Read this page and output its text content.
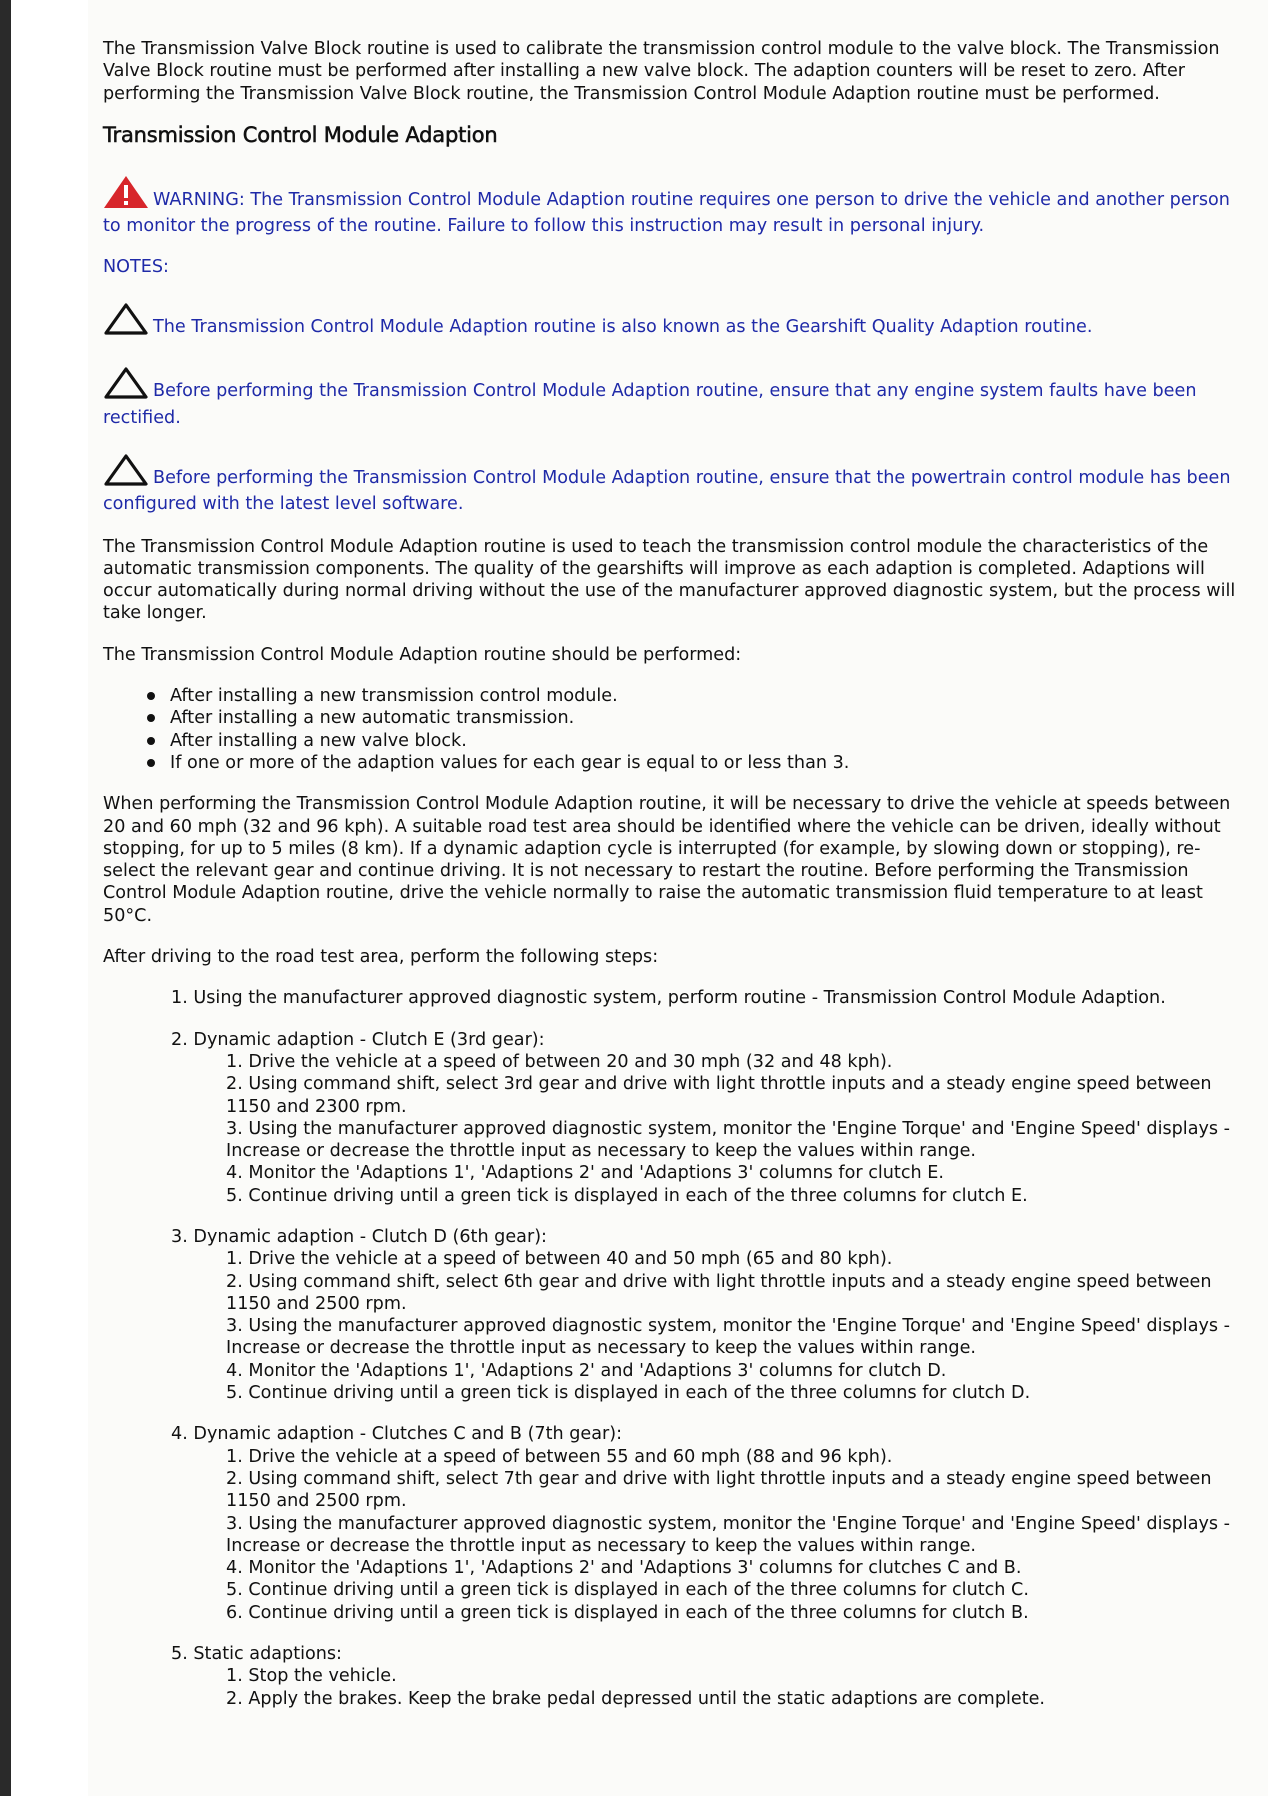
The Transmission Valve Block routine is used to calibrate the transmission control module to the valve block. The Transmission Valve Block routine must be performed after installing a new valve block. The adaption counters will be reset to zero. After performing the Transmission Valve Block routine, the Transmission Control Module Adaption routine must be performed.

Transmission Control Module Adaption

WARNING: The Transmission Control Module Adaption routine requires one person to drive the vehicle and another person to monitor the progress of the routine. Failure to follow this instruction may result in personal injury.

NOTES:

The Transmission Control Module Adaption routine is also known as the Gearshift Quality Adaption routine.

Before performing the Transmission Control Module Adaption routine, ensure that any engine system faults have been rectified.

Before performing the Transmission Control Module Adaption routine, ensure that the powertrain control module has been configured with the latest level software.

The Transmission Control Module Adaption routine is used to teach the transmission control module the characteristics of the automatic transmission components. The quality of the gearshifts will improve as each adaption is completed. Adaptions will occur automatically during normal driving without the use of the manufacturer approved diagnostic system, but the process will take longer.

The Transmission Control Module Adaption routine should be performed:

After installing a new transmission control module.
After installing a new automatic transmission.
After installing a new valve block.
If one or more of the adaption values for each gear is equal to or less than 3.

When performing the Transmission Control Module Adaption routine, it will be necessary to drive the vehicle at speeds between 20 and 60 mph (32 and 96 kph). A suitable road test area should be identified where the vehicle can be driven, ideally without stopping, for up to 5 miles (8 km). If a dynamic adaption cycle is interrupted (for example, by slowing down or stopping), re-select the relevant gear and continue driving. It is not necessary to restart the routine. Before performing the Transmission Control Module Adaption routine, drive the vehicle normally to raise the automatic transmission fluid temperature to at least 50°C.

After driving to the road test area, perform the following steps:

1. Using the manufacturer approved diagnostic system, perform routine - Transmission Control Module Adaption.
2. Dynamic adaption - Clutch E (3rd gear):
1. Drive the vehicle at a speed of between 20 and 30 mph (32 and 48 kph).
2. Using command shift, select 3rd gear and drive with light throttle inputs and a steady engine speed between 1150 and 2300 rpm.
3. Using the manufacturer approved diagnostic system, monitor the 'Engine Torque' and 'Engine Speed' displays - Increase or decrease the throttle input as necessary to keep the values within range.
4. Monitor the 'Adaptions 1', 'Adaptions 2' and 'Adaptions 3' columns for clutch E.
5. Continue driving until a green tick is displayed in each of the three columns for clutch E.
3. Dynamic adaption - Clutch D (6th gear):
1. Drive the vehicle at a speed of between 40 and 50 mph (65 and 80 kph).
2. Using command shift, select 6th gear and drive with light throttle inputs and a steady engine speed between 1150 and 2500 rpm.
3. Using the manufacturer approved diagnostic system, monitor the 'Engine Torque' and 'Engine Speed' displays - Increase or decrease the throttle input as necessary to keep the values within range.
4. Monitor the 'Adaptions 1', 'Adaptions 2' and 'Adaptions 3' columns for clutch D.
5. Continue driving until a green tick is displayed in each of the three columns for clutch D.
4. Dynamic adaption - Clutches C and B (7th gear):
1. Drive the vehicle at a speed of between 55 and 60 mph (88 and 96 kph).
2. Using command shift, select 7th gear and drive with light throttle inputs and a steady engine speed between 1150 and 2500 rpm.
3. Using the manufacturer approved diagnostic system, monitor the 'Engine Torque' and 'Engine Speed' displays - Increase or decrease the throttle input as necessary to keep the values within range.
4. Monitor the 'Adaptions 1', 'Adaptions 2' and 'Adaptions 3' columns for clutches C and B.
5. Continue driving until a green tick is displayed in each of the three columns for clutch C.
6. Continue driving until a green tick is displayed in each of the three columns for clutch B.
5. Static adaptions:
1. Stop the vehicle.
2. Apply the brakes. Keep the brake pedal depressed until the static adaptions are complete.
